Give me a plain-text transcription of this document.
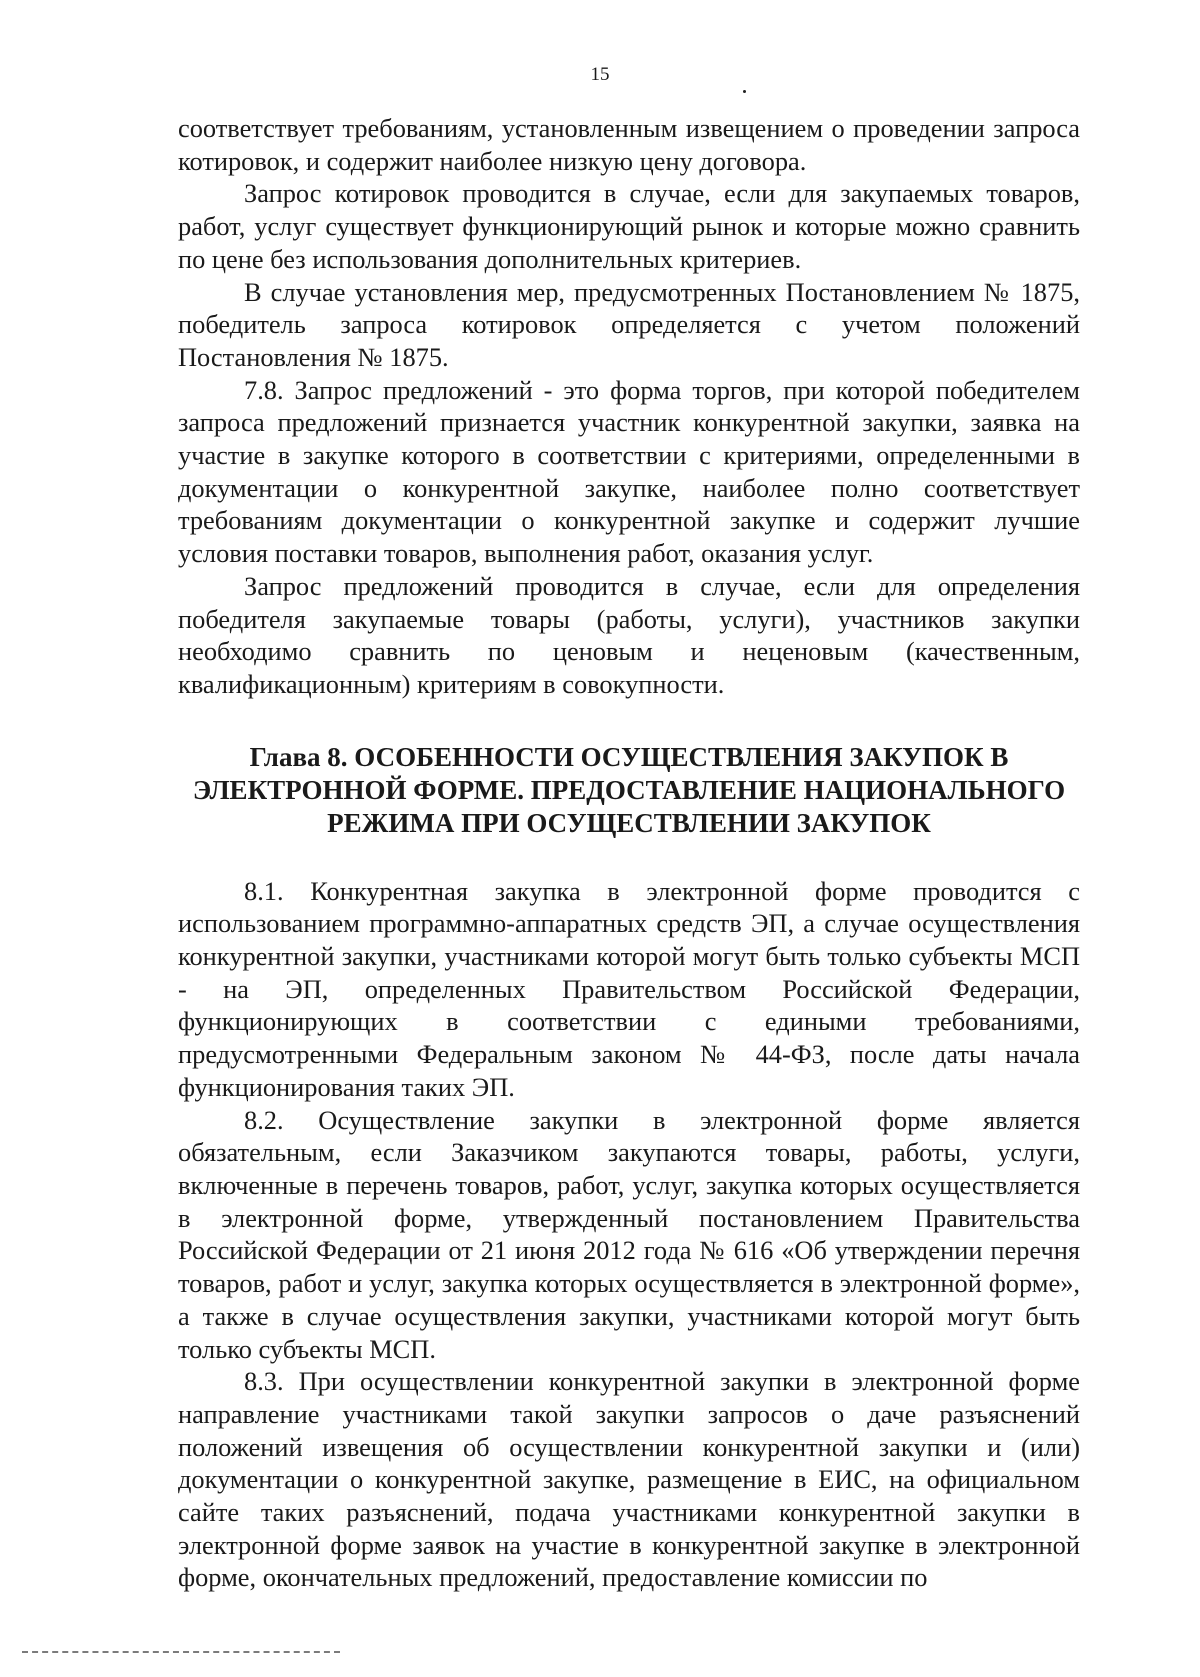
15

соответствует требованиям, установленным извещением о проведении запроса котировок, и содержит наиболее низкую цену договора.

Запрос котировок проводится в случае, если для закупаемых товаров, работ, услуг существует функционирующий рынок и которые можно сравнить по цене без использования дополнительных критериев.

В случае установления мер, предусмотренных Постановлением № 1875, победитель запроса котировок определяется с учетом положений Постановления № 1875.

7.8. Запрос предложений - это форма торгов, при которой победителем запроса предложений признается участник конкурентной закупки, заявка на участие в закупке которого в соответствии с критериями, определенными в документации о конкурентной закупке, наиболее полно соответствует требованиям документации о конкурентной закупке и содержит лучшие условия поставки товаров, выполнения работ, оказания услуг.

Запрос предложений проводится в случае, если для определения победителя закупаемые товары (работы, услуги), участников закупки необходимо сравнить по ценовым и неценовым (качественным, квалификационным) критериям в совокупности.

Глава 8. ОСОБЕННОСТИ ОСУЩЕСТВЛЕНИЯ ЗАКУПОК В
ЭЛЕКТРОННОЙ ФОРМЕ. ПРЕДОСТАВЛЕНИЕ НАЦИОНАЛЬНОГО
РЕЖИМА ПРИ ОСУЩЕСТВЛЕНИИ ЗАКУПОК

8.1. Конкурентная закупка в электронной форме проводится с использованием программно-аппаратных средств ЭП, а случае осуществления конкурентной закупки, участниками которой могут быть только субъекты МСП - на ЭП, определенных Правительством Российской Федерации, функционирующих в соответствии с едиными требованиями, предусмотренными Федеральным законом № 44-ФЗ, после даты начала функционирования таких ЭП.

8.2. Осуществление закупки в электронной форме является обязательным, если Заказчиком закупаются товары, работы, услуги, включенные в перечень товаров, работ, услуг, закупка которых осуществляется в электронной форме, утвержденный постановлением Правительства Российской Федерации от 21 июня 2012 года № 616 «Об утверждении перечня товаров, работ и услуг, закупка которых осуществляется в электронной форме», а также в случае осуществления закупки, участниками которой могут быть только субъекты МСП.

8.3. При осуществлении конкурентной закупки в электронной форме направление участниками такой закупки запросов о даче разъяснений положений извещения об осуществлении конкурентной закупки и (или) документации о конкурентной закупке, размещение в ЕИС, на официальном сайте таких разъяснений, подача участниками конкурентной закупки в электронной форме заявок на участие в конкурентной закупке в электронной форме, окончательных предложений, предоставление комиссии по
